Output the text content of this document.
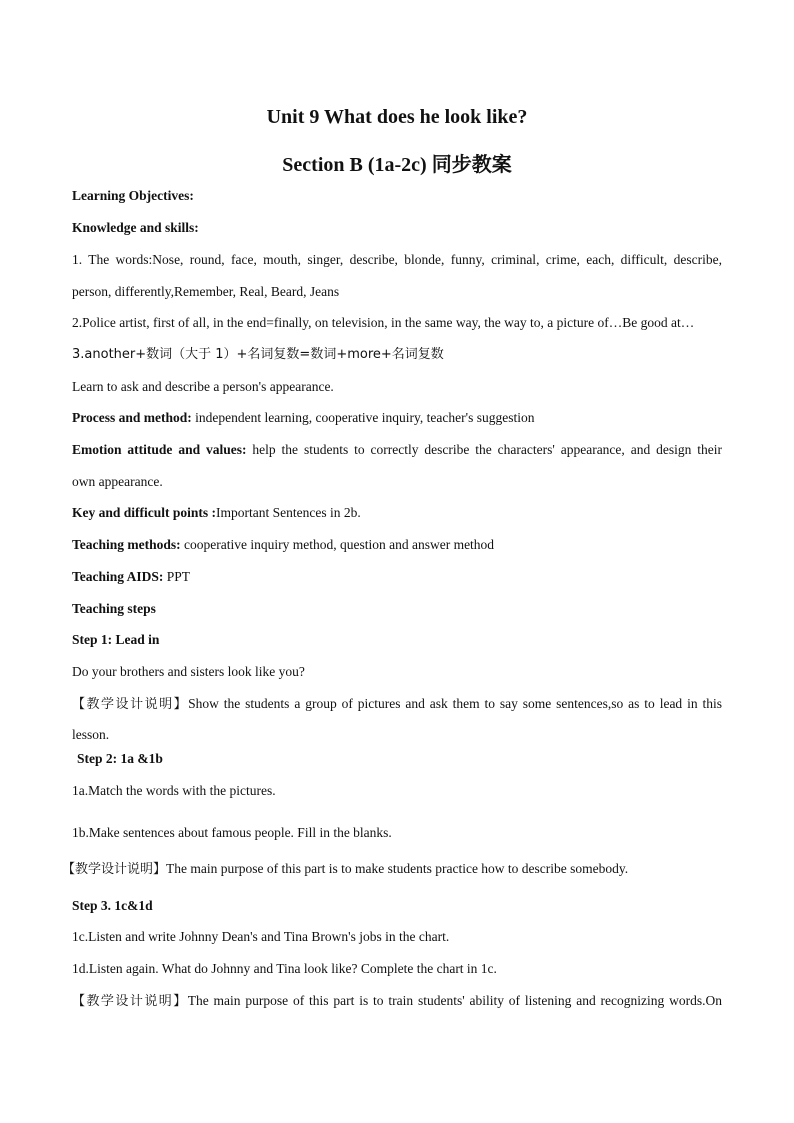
Unit 9 What does he look like?
Section B (1a-2c) 同步教案
Learning Objectives:
Knowledge and skills:
1. The words:Nose, round, face, mouth, singer, describe, blonde, funny, criminal, crime, each, difficult, describe,
person, differently,Remember, Real, Beard, Jeans
2.Police artist, first of all, in the end=finally, on television, in the same way, the way to, a picture of…Be good at…
3.another+数词（大于 1）+名词复数=数词+more+名词复数
Learn to ask and describe a person's appearance.
Process and method: independent learning, cooperative inquiry, teacher's suggestion
Emotion attitude and values: help the students to correctly describe the characters' appearance, and design their
own appearance.
Key and difficult points :Important Sentences in 2b.
Teaching methods: cooperative inquiry method, question and answer method
Teaching AIDS: PPT
Teaching steps
Step 1: Lead in
Do your brothers and sisters look like you?
【教学设计说明】Show the students a group of pictures and ask them to say some sentences,so as to lead in this
lesson.
Step 2: 1a &1b
1a.Match the words with the pictures.
1b.Make sentences about famous people. Fill in the blanks.
【教学设计说明】The main purpose of this part is to make students practice how to describe somebody.
Step 3. 1c&1d
1c.Listen and write Johnny Dean's and Tina Brown's jobs in the chart.
1d.Listen again. What do Johnny and Tina look like? Complete the chart in 1c.
【教学设计说明】The main purpose of this part is to train students' ability of listening and recognizing words.On
